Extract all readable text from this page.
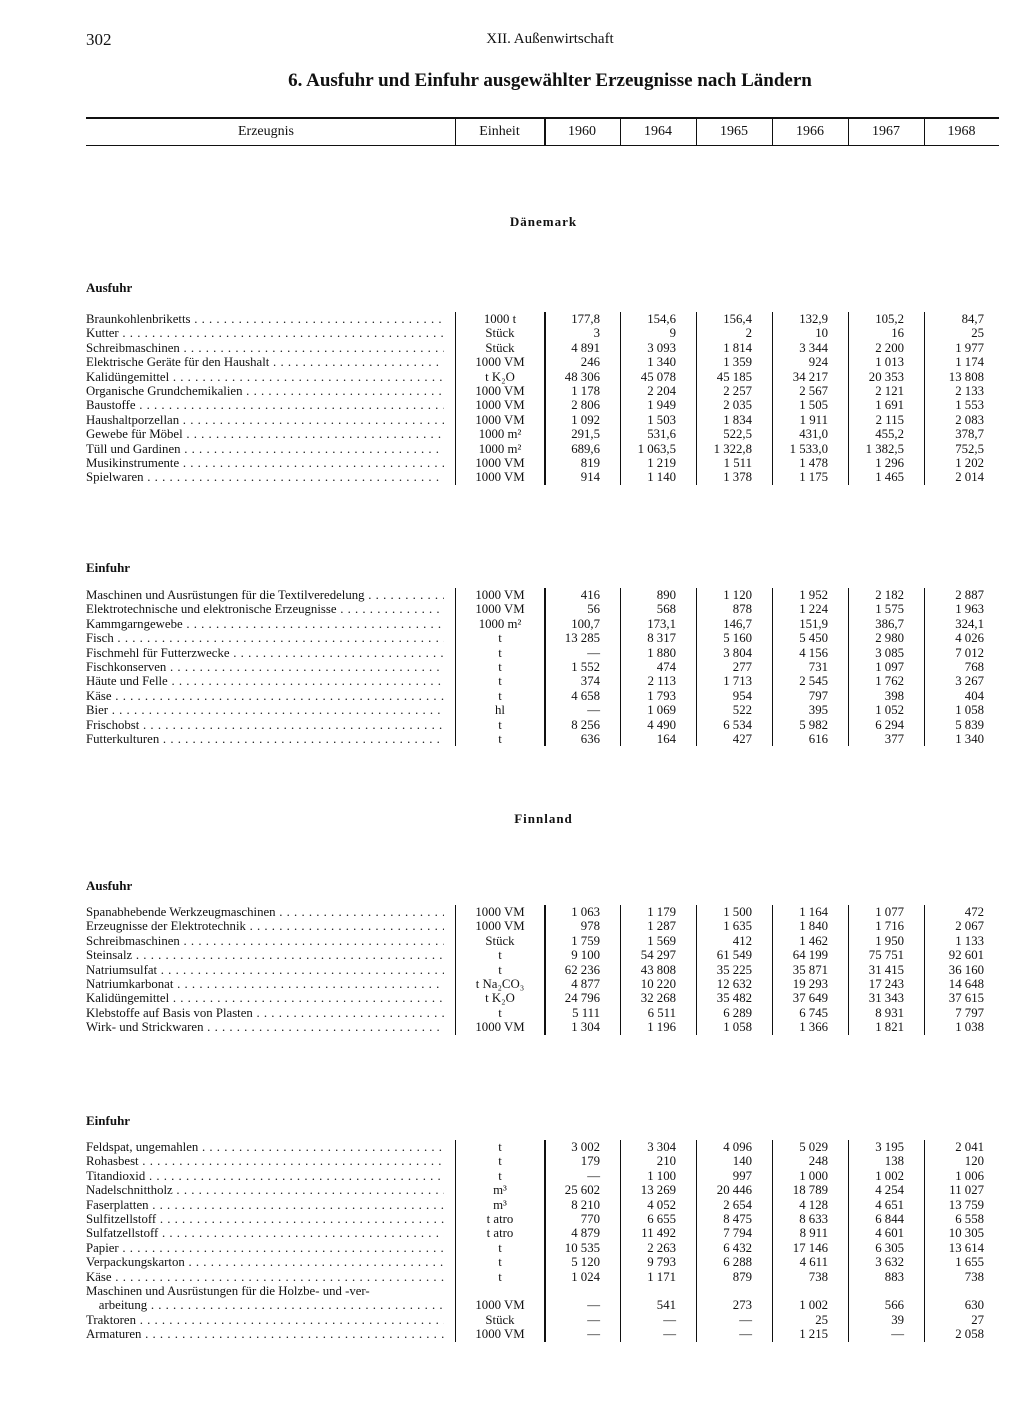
302	XII. Außenwirtschaft
6. Ausfuhr und Einfuhr ausgewählter Erzeugnisse nach Ländern
Erzeugnis	Einheit	1960	1964	1965	1966	1967	1968
Dänemark
Ausfuhr
Braunkohlenbriketts . . .	1000 t	177,8	154,6	156,4	132,9	105,2	84,7
Kutter . . .	Stück	3	9	2	10	16	25
Schreibmaschinen . . .	Stück	4 891	3 093	1 814	3 344	2 200	1 977
Elektrische Geräte für den Haushalt . . .	1000 VM	246	1 340	1 359	924	1 013	1 174
Kalidüngemittel . . .	t K₂O	48 306	45 078	45 185	34 217	20 353	13 808
Organische Grundchemikalien . . .	1000 VM	1 178	2 204	2 257	2 567	2 121	2 133
Baustoffe . . .	1000 VM	2 806	1 949	2 035	1 505	1 691	1 553
Haushaltporzellan . . .	1000 VM	1 092	1 503	1 834	1 911	2 115	2 083
Gewebe für Möbel . . .	1000 m²	291,5	531,6	522,5	431,0	455,2	378,7
Tüll und Gardinen . . .	1000 m²	689,6	1 063,5	1 322,8	1 533,0	1 382,5	752,5
Musikinstrumente . . .	1000 VM	819	1 219	1 511	1 478	1 296	1 202
Spielwaren . . .	1000 VM	914	1 140	1 378	1 175	1 465	2 014
Einfuhr
Maschinen und Ausrüstungen für die Textilveredelung . . .	1000 VM	416	890	1 120	1 952	2 182	2 887
Elektrotechnische und elektronische Erzeugnisse . . .	1000 VM	56	568	878	1 224	1 575	1 963
Kammgarngewebe . . .	1000 m²	100,7	173,1	146,7	151,9	386,7	324,1
Fisch . . .	t	13 285	8 317	5 160	5 450	2 980	4 026
Fischmehl für Futterzwecke . . .	t	—	1 880	3 804	4 156	3 085	7 012
Fischkonserven . . .	t	1 552	474	277	731	1 097	768
Häute und Felle . . .	t	374	2 113	1 713	2 545	1 762	3 267
Käse . . .	t	4 658	1 793	954	797	398	404
Bier . . .	hl	—	1 069	522	395	1 052	1 058
Frischobst . . .	t	8 256	4 490	6 534	5 982	6 294	5 839
Futterkulturen . . .	t	636	164	427	616	377	1 340
Finnland
Ausfuhr
Spanabhebende Werkzeugmaschinen . . .	1000 VM	1 063	1 179	1 500	1 164	1 077	472
Erzeugnisse der Elektrotechnik . . .	1000 VM	978	1 287	1 635	1 840	1 716	2 067
Schreibmaschinen . . .	Stück	1 759	1 569	412	1 462	1 950	1 133
Steinsalz . . .	t	9 100	54 297	61 549	64 199	75 751	92 601
Natriumsulfat . . .	t	62 236	43 808	35 225	35 871	31 415	36 160
Natriumkarbonat . . .	t Na₂CO₃	4 877	10 220	12 632	19 293	17 243	14 648
Kalidüngemittel . . .	t K₂O	24 796	32 268	35 482	37 649	31 343	37 615
Klebstoffe auf Basis von Plasten . . .	t	5 111	6 511	6 289	6 745	8 931	7 797
Wirk- und Strickwaren . . .	1000 VM	1 304	1 196	1 058	1 366	1 821	1 038
Einfuhr
Feldspat, ungemahlen . . .	t	3 002	3 304	4 096	5 029	3 195	2 041
Rohasbest . . .	t	179	210	140	248	138	120
Titandioxid . . .	t	—	1 100	997	1 000	1 002	1 006
Nadelschnittholz . . .	m³	25 602	13 269	20 446	18 789	4 254	11 027
Faserplatten . . .	m³	8 210	4 052	2 654	4 128	4 651	13 759
Sulfitzellstoff . . .	t atro	770	6 655	8 475	8 633	6 844	6 558
Sulfatzellstoff . . .	t atro	4 879	11 492	7 794	8 911	4 601	10 305
Papier . . .	t	10 535	2 263	6 432	17 146	6 305	13 614
Verpackungskarton . . .	t	5 120	9 793	6 288	4 611	3 632	1 655
Käse . . .	t	1 024	1 171	879	738	883	738
Maschinen und Ausrüstungen für die Holzbe- und -ver-
arbeitung . . .	1000 VM	—	541	273	1 002	566	630
Traktoren . . .	Stück	—	—	—	25	39	27
Armaturen . . .	1000 VM	—	—	—	1 215	—	2 058
